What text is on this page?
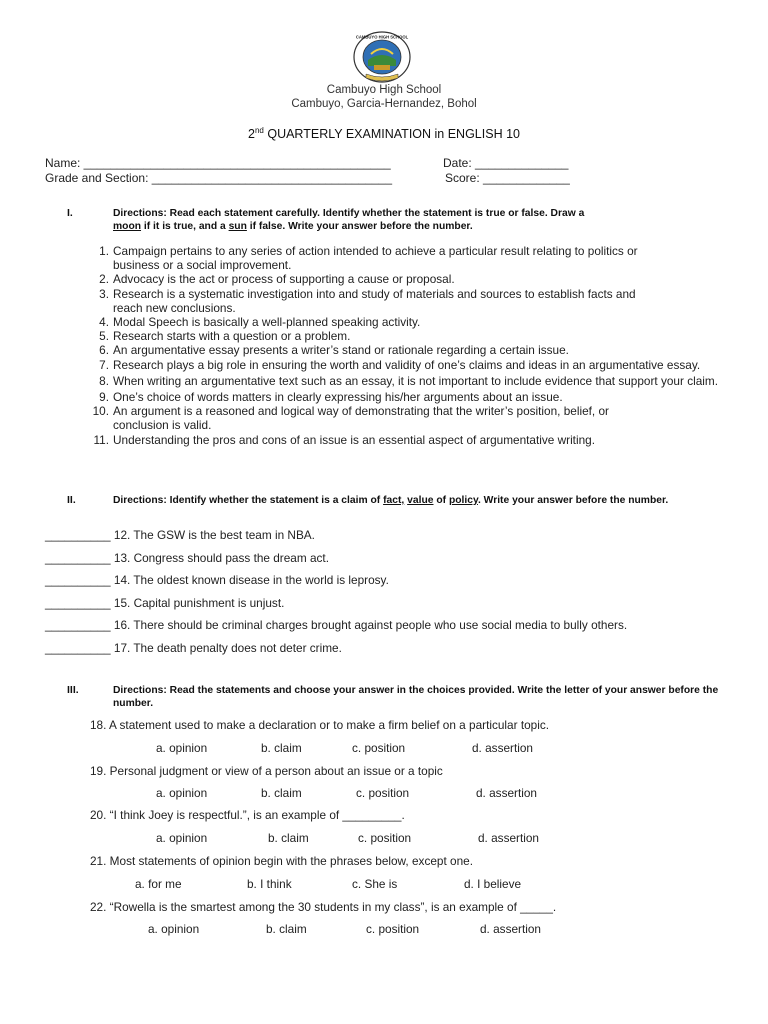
CAMBUYO HIGH SCHOOL
Cambuyo High School
Cambuyo, Garcia-Hernandez, Bohol
2nd QUARTERLY EXAMINATION in ENGLISH 10
Name: ______________________________________________	Date: ______________
Grade and Section: ____________________________________	Score: _____________
I.	Directions: Read each statement carefully. Identify whether the statement is true or false. Draw a
moon if it is true, and a sun if false. Write your answer before the number.
1. Campaign pertains to any series of action intended to achieve a particular result relating to politics or business or a social improvement.
2. Advocacy is the act or process of supporting a cause or proposal.
3. Research is a systematic investigation into and study of materials and sources to establish facts and reach new conclusions.
4. Modal Speech is basically a well-planned speaking activity.
5. Research starts with a question or a problem.
6. An argumentative essay presents a writer’s stand or rationale regarding a certain issue.
7. Research plays a big role in ensuring the worth and validity of one’s claims and ideas in an argumentative essay.
8. When writing an argumentative text such as an essay, it is not important to include evidence that support your claim.
9. One’s choice of words matters in clearly expressing his/her arguments about an issue.
10. An argument is a reasoned and logical way of demonstrating that the writer’s position, belief, or conclusion is valid.
11. Understanding the pros and cons of an issue is an essential aspect of argumentative writing.
II.	Directions: Identify whether the statement is a claim of fact, value of policy. Write your answer before the number.
__________ 12. The GSW is the best team in NBA.
__________ 13. Congress should pass the dream act.
__________ 14. The oldest known disease in the world is leprosy.
__________ 15. Capital punishment is unjust.
__________ 16. There should be criminal charges brought against people who use social media to bully others.
__________ 17. The death penalty does not deter crime.
III.	Directions: Read the statements and choose your answer in the choices provided. Write the letter of your answer before the number.
18. A statement used to make a declaration or to make a firm belief on a particular topic.
a. opinion	b. claim	c. position	d. assertion
19. Personal judgment or view of a person about an issue or a topic
a. opinion	b. claim	c. position	d. assertion
20. “I think Joey is respectful.”, is an example of _________.
a. opinion	b. claim	c. position	d. assertion
21. Most statements of opinion begin with the phrases below, except one.
a. for me	b. I think	c. She is	d. I believe
22. “Rowella is the smartest among the 30 students in my class”, is an example of _____.
a. opinion	b. claim	c. position	d. assertion
